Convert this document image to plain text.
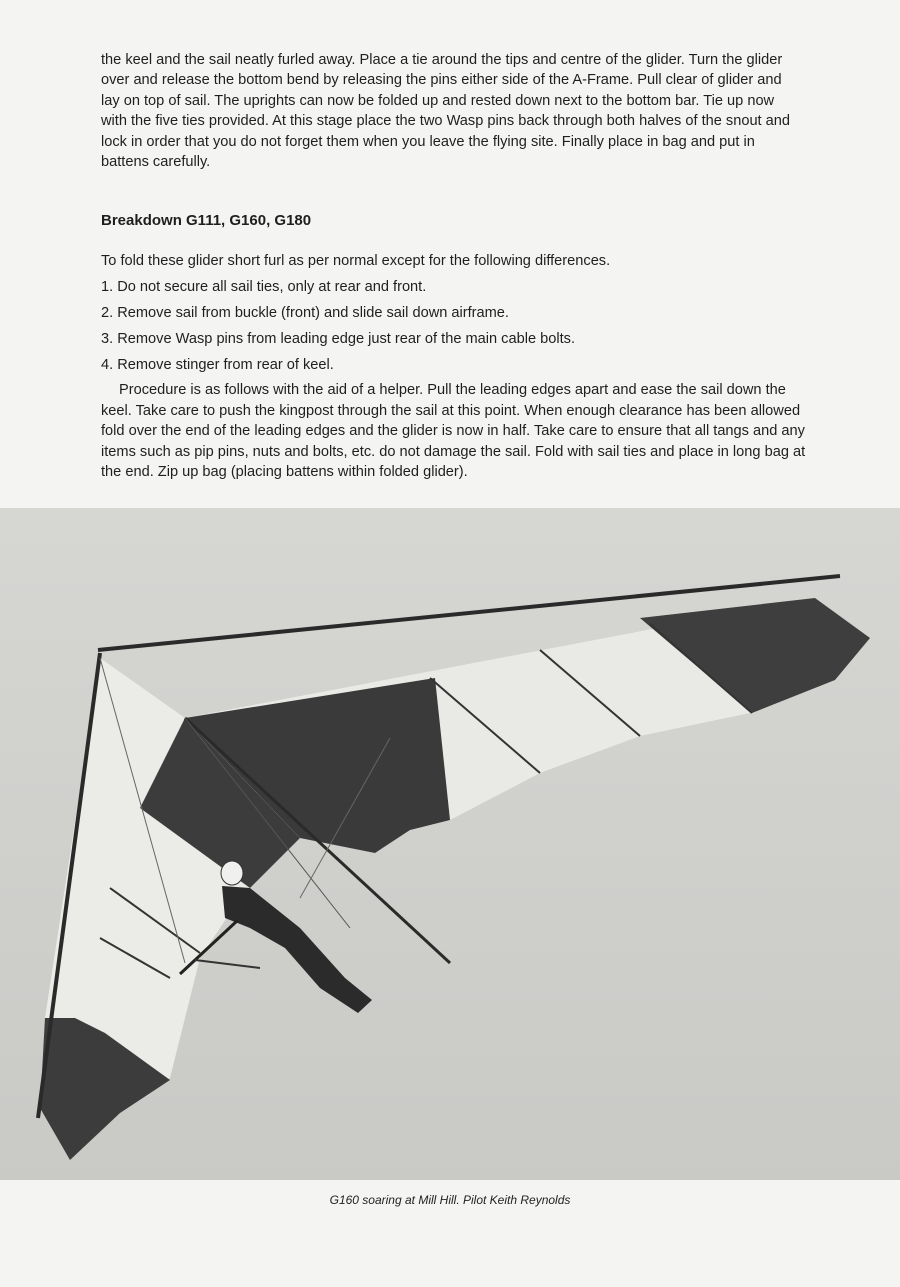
the keel and the sail neatly furled away. Place a tie around the tips and centre of the glider. Turn the glider over and release the bottom bend by releasing the pins either side of the A-Frame. Pull clear of glider and lay on top of sail. The uprights can now be folded up and rested down next to the bottom bar. Tie up now with the five ties provided. At this stage place the two Wasp pins back through both halves of the snout and lock in order that you do not forget them when you leave the flying site. Finally place in bag and put in battens carefully.

Breakdown G111, G160, G180

To fold these glider short furl as per normal except for the following differences.

1. Do not secure all sail ties, only at rear and front.
2. Remove sail from buckle (front) and slide sail down airframe.
3. Remove Wasp pins from leading edge just rear of the main cable bolts.
4. Remove stinger from rear of keel.

Procedure is as follows with the aid of a helper. Pull the leading edges apart and ease the sail down the keel. Take care to push the kingpost through the sail at this point. When enough clearance has been allowed fold over the end of the leading edges and the glider is now in half. Take care to ensure that all tangs and any items such as pip pins, nuts and bolts, etc. do not damage the sail. Fold with sail ties and place in long bag at the end. Zip up bag (placing battens within folded glider).

G160 soaring at Mill Hill. Pilot Keith Reynolds
